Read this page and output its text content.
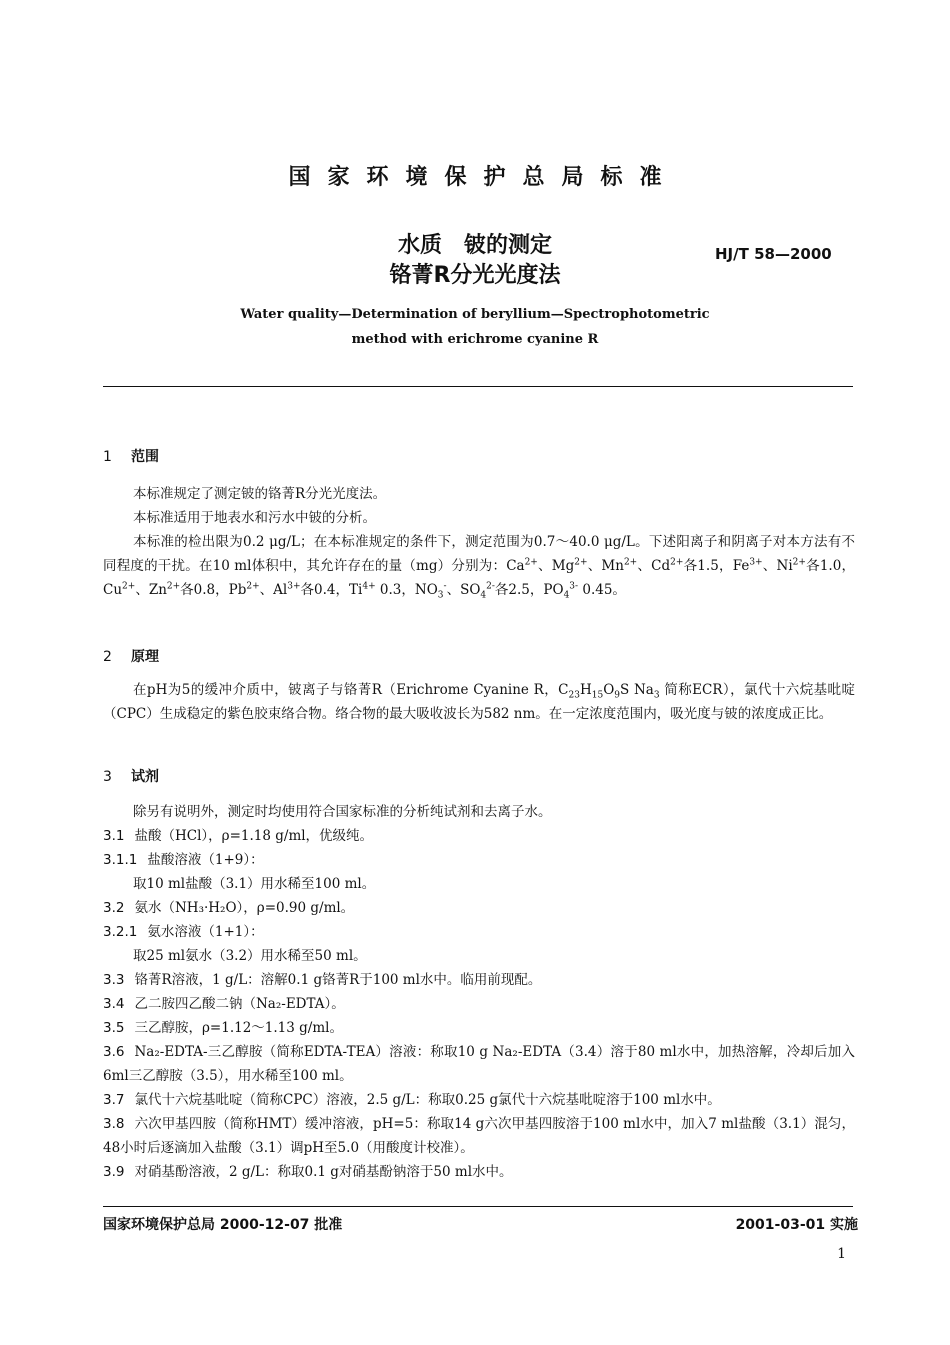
国家环境保护总局标准
水质　铍的测定
铬菁R分光光度法
HJ/T 58—2000
Water quality—Determination of beryllium—Spectrophotometric
method with erichrome cyanine R
1 范围
本标准规定了测定铍的铬菁R分光光度法。
本标准适用于地表水和污水中铍的分析。
本标准的检出限为0.2 μg/L；在本标准规定的条件下，测定范围为0.7～40.0 μg/L。下述阳离子和阴离子对本方法有不同程度的干扰。在10 ml体积中，其允许存在的量（mg）分别为：$Ca^{2+}$、$Mg^{2+}$、$Mn^{2+}$、$Cd^{2+}$各1.5，$Fe^{3+}$、$Ni^{2+}$各1.0，$Cu^{2+}$、$Zn^{2+}$各0.8，$Pb^{2+}$、$Al^{3+}$各0.4，$Ti^{4+}$ 0.3，$NO_3^-$、$SO_4^{2-}$各2.5，$PO_4^{3-}$ 0.45。
2 原理
在pH为5的缓冲介质中，铍离子与铬菁R（Erichrome Cyanine R，$C_{23}H_{15}O_9S$ $Na_3$ 简称ECR），氯代十六烷基吡啶（CPC）生成稳定的紫色胶束络合物。络合物的最大吸收波长为582 nm。在一定浓度范围内，吸光度与铍的浓度成正比。
3 试剂
除另有说明外，测定时均使用符合国家标准的分析纯试剂和去离子水。
3.1 盐酸（HCl），ρ=1.18 g/ml，优级纯。
3.1.1 盐酸溶液（1+9）：
取10 ml盐酸（3.1）用水稀至100 ml。
3.2 氨水（NH₃·H₂O），ρ=0.90 g/ml。
3.2.1 氨水溶液（1+1）：
取25 ml氨水（3.2）用水稀至50 ml。
3.3 铬菁R溶液，1 g/L：溶解0.1 g铬菁R于100 ml水中。临用前现配。
3.4 乙二胺四乙酸二钠（Na₂-EDTA）。
3.5 三乙醇胺，ρ=1.12～1.13 g/ml。
3.6 Na₂-EDTA-三乙醇胺（简称EDTA-TEA）溶液：称取10 g Na₂-EDTA（3.4）溶于80 ml水中，加热溶解，冷却后加入6ml三乙醇胺（3.5），用水稀至100 ml。
3.7 氯代十六烷基吡啶（简称CPC）溶液，2.5 g/L：称取0.25 g氯代十六烷基吡啶溶于100 ml水中。
3.8 六次甲基四胺（简称HMT）缓冲溶液，pH=5：称取14 g六次甲基四胺溶于100 ml水中，加入7 ml盐酸（3.1）混匀，48小时后逐滴加入盐酸（3.1）调pH至5.0（用酸度计校准）。
3.9 对硝基酚溶液，2 g/L：称取0.1 g对硝基酚钠溶于50 ml水中。
国家环境保护总局 2000-12-07 批准	2001-03-01 实施
1
